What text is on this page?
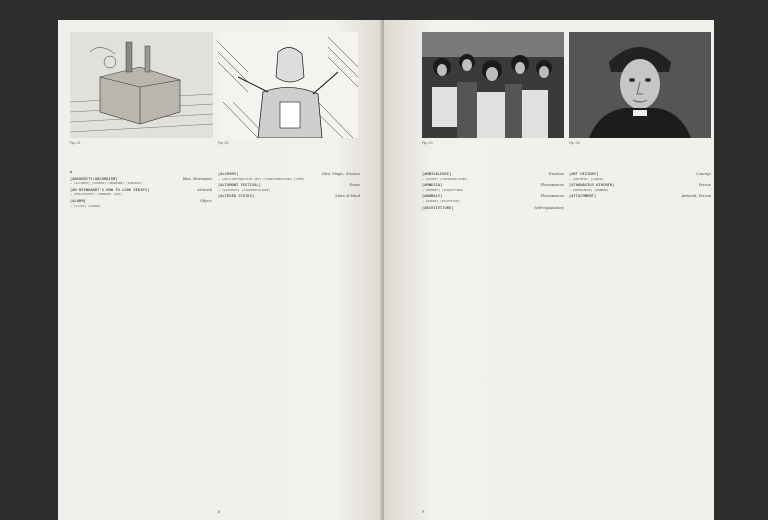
Fig. 01	Fig. 02
A
[ABSURDITY/ABSURDISM]	Idea, Movement
→ [ALCHEMY] [CHANCE] [MUNDANE] [PARADOX]
[AD REINHARDT'S HOW TO LOOK SERIES]	Artwork
→ [PHILOSOPHY] [HUMOUR] [ART]
[ALARM]	Object
→ [CLOCK] [SOUND]
[ALCHEMY]	Idea, Magic, Science
→ [AUTO-DESTRUCTIVE ART] [TRANSFORMATION] [TIME]
[ALTAMONT FESTIVAL]	Event
→ [VIOLENCE] [COUNTERCULTURE]
[ALTERED STATES]	State of Mind
8
Fig. 03	Fig. 04
[AMBIVALENCE]	Emotion
→ [DOUBT] [CONTRADICTION]
[AMNESIA]	Phenomenon
→ [MEMORY] [FORGETTING]
[ANOMALY]	Phenomenon
→ [ERROR] [EXCEPTION]
[ARCHITECTURE]	Self-explanatory
[ART HISTORY]	Concept
→ [ARCHIVE] [CANON]
[ATHANASIUS KIRCHER]	Person
→ [KNOWLEDGE] [WONDER]
[ATTACHMENT]	Artwork, Person
9
